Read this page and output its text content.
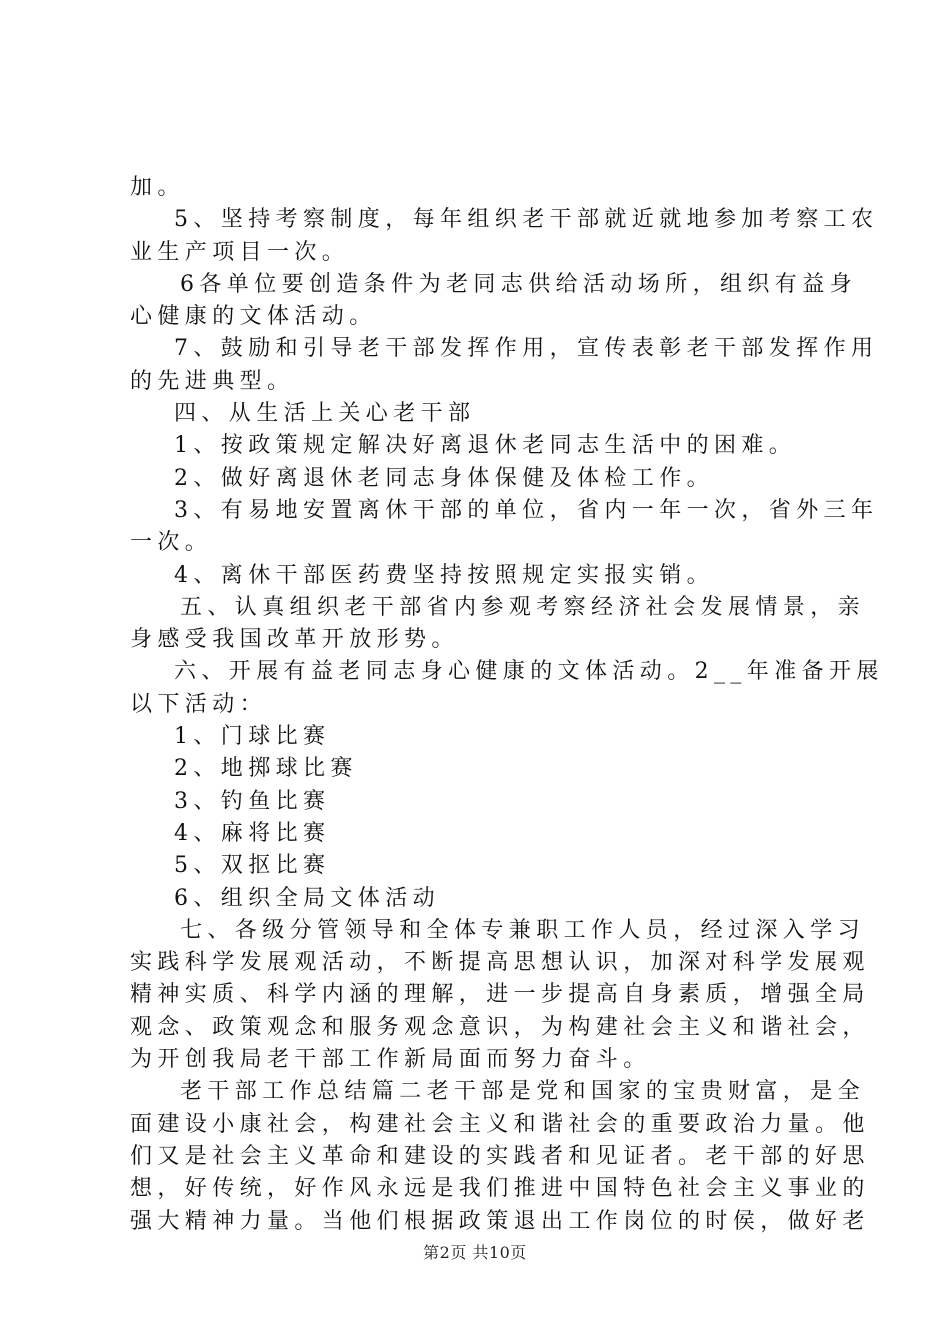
加。
5、坚持考察制度，每年组织老干部就近就地参加考察工农
业生产项目一次。
6各单位要创造条件为老同志供给活动场所，组织有益身
心健康的文体活动。
7、鼓励和引导老干部发挥作用，宣传表彰老干部发挥作用
的先进典型。
四、从生活上关心老干部
1、按政策规定解决好离退休老同志生活中的困难。
2、做好离退休老同志身体保健及体检工作。
3、有易地安置离休干部的单位，省内一年一次，省外三年
一次。
4、离休干部医药费坚持按照规定实报实销。
五、认真组织老干部省内参观考察经济社会发展情景，亲
身感受我国改革开放形势。
六、开展有益老同志身心健康的文体活动。2__年准备开展
以下活动：
1、门球比赛
2、地掷球比赛
3、钓鱼比赛
4、麻将比赛
5、双抠比赛
6、组织全局文体活动
七、各级分管领导和全体专兼职工作人员，经过深入学习
实践科学发展观活动，不断提高思想认识，加深对科学发展观
精神实质、科学内涵的理解，进一步提高自身素质，增强全局
观念、政策观念和服务观念意识，为构建社会主义和谐社会，
为开创我局老干部工作新局面而努力奋斗。
老干部工作总结篇二老干部是党和国家的宝贵财富，是全
面建设小康社会，构建社会主义和谐社会的重要政治力量。他
们又是社会主义革命和建设的实践者和见证者。老干部的好思
想，好传统，好作风永远是我们推进中国特色社会主义事业的
强大精神力量。当他们根据政策退出工作岗位的时侯，做好老
第2页 共10页
